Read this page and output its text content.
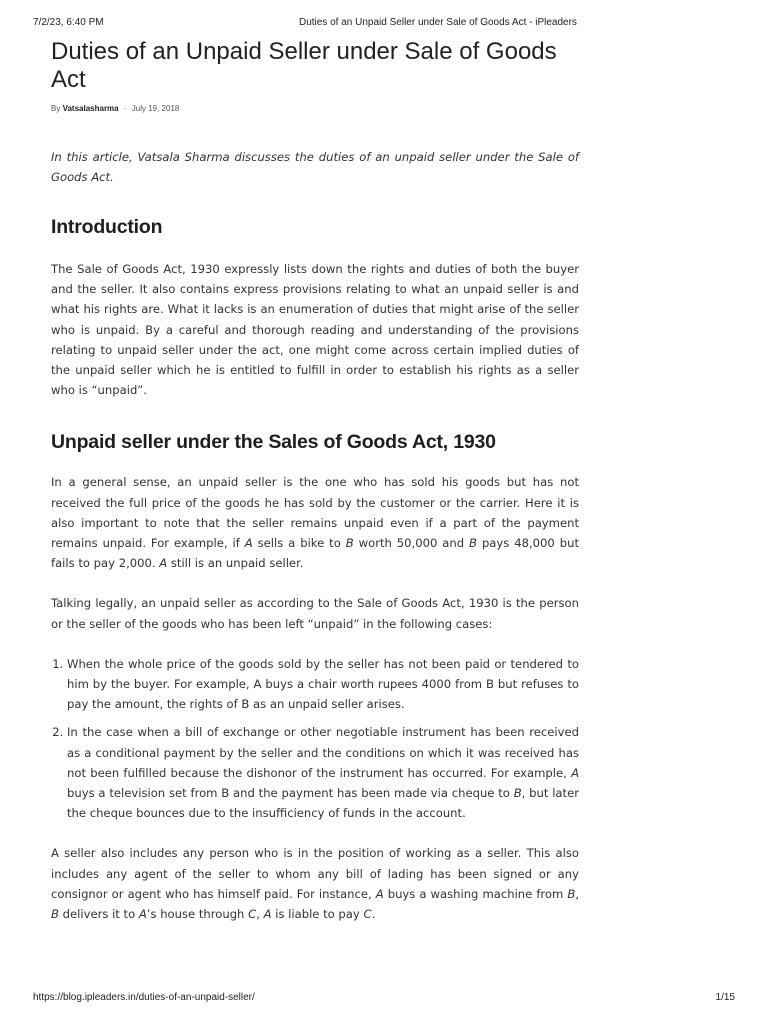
7/2/23, 6:40 PM	Duties of an Unpaid Seller under Sale of Goods Act - iPleaders
Duties of an Unpaid Seller under Sale of Goods Act
By Vatsalasharma - July 19, 2018

In this article, Vatsala Sharma discusses the duties of an unpaid seller under the Sale of Goods Act.

Introduction

The Sale of Goods Act, 1930 expressly lists down the rights and duties of both the buyer and the seller. It also contains express provisions relating to what an unpaid seller is and what his rights are. What it lacks is an enumeration of duties that might arise of the seller who is unpaid. By a careful and thorough reading and understanding of the provisions relating to unpaid seller under the act, one might come across certain implied duties of the unpaid seller which he is entitled to fulfill in order to establish his rights as a seller who is “unpaid”.

Unpaid seller under the Sales of Goods Act, 1930

In a general sense, an unpaid seller is the one who has sold his goods but has not received the full price of the goods he has sold by the customer or the carrier. Here it is also important to note that the seller remains unpaid even if a part of the payment remains unpaid. For example, if A sells a bike to B worth 50,000 and B pays 48,000 but fails to pay 2,000. A still is an unpaid seller.

Talking legally, an unpaid seller as according to the Sale of Goods Act, 1930 is the person or the seller of the goods who has been left “unpaid” in the following cases:

1. When the whole price of the goods sold by the seller has not been paid or tendered to him by the buyer. For example, A buys a chair worth rupees 4000 from B but refuses to pay the amount, the rights of B as an unpaid seller arises.
2. In the case when a bill of exchange or other negotiable instrument has been received as a conditional payment by the seller and the conditions on which it was received has not been fulfilled because the dishonor of the instrument has occurred. For example, A buys a television set from B and the payment has been made via cheque to B, but later the cheque bounces due to the insufficiency of funds in the account.

A seller also includes any person who is in the position of working as a seller. This also includes any agent of the seller to whom any bill of lading has been signed or any consignor or agent who has himself paid. For instance, A buys a washing machine from B, B delivers it to A’s house through C, A is liable to pay C.

https://blog.ipleaders.in/duties-of-an-unpaid-seller/	1/15
